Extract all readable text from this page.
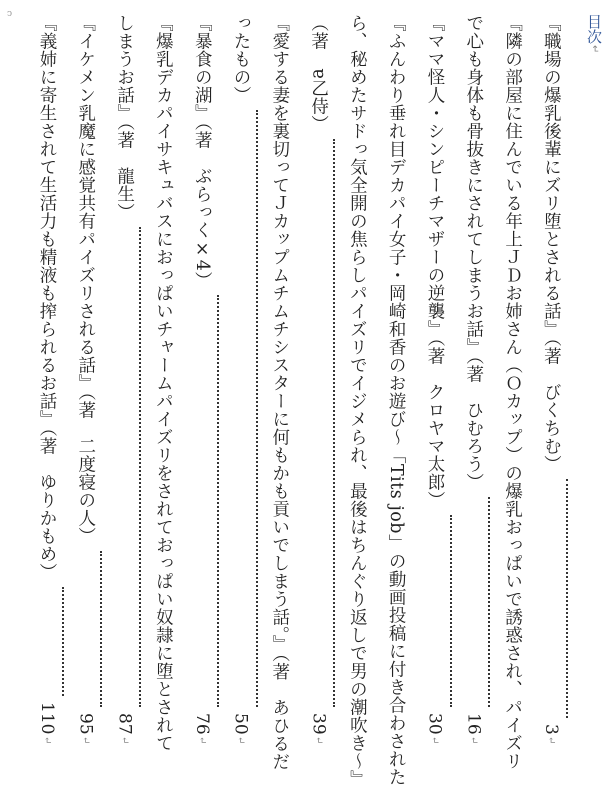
ↄ	目次↵
『職場の爆乳後輩にズリ堕とされる話』（著　びくちむ）
3
↵
『隣の部屋に住んでいる年上ＪＤお姉さん（Ｏカップ）の爆乳おっぱいで誘惑され、パイズリ
で心も身体も骨抜きにされてしまうお話』（著　ひむろう）
16
↵
『ママ怪人・シンピーチマザーの逆襲』（著　クロヤマ太郎）
30
↵
『ふんわり垂れ目デカパイ女子・岡崎和香のお遊び～「Tits job」の動画投稿に付き合わされた
ら、秘めたサドっ気全開の焦らしパイズリでイジメられ、最後はちんぐり返しで男の潮吹き～』
（著　ɐ乙侍）
39
↵
『愛する妻を裏切ってＪカップムチムチシスターに何もかも貢いでしまう話。』（著　あひるだ
ったもの）
50
↵
『暴食の湖』（著　ぶらっく×4）
76
↵
『爆乳デカパイサキュバスにおっぱいチャームパイズリをされておっぱい奴隷に堕とされて
しまうお話』（著　龍生）
87
↵
『イケメン乳魔に感覚共有パイズリされる話』（著　二度寝の人）
95
↵
『義姉に寄生されて生活力も精液も搾られるお話』（著　ゆりかもめ）
110
↵
